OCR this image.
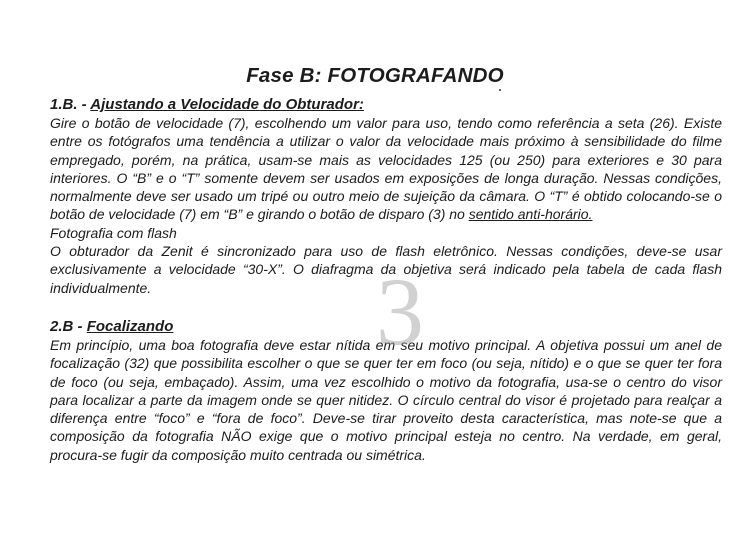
Fase B: FOTOGRAFANDO

1.B. - Ajustando a Velocidade do Obturador:

Gire o botão de velocidade (7), escolhendo um valor para uso, tendo como referência a seta (26). Existe entre os fotógrafos uma tendência a utilizar o valor da velocidade mais próximo à sensibilidade do filme empregado, porém, na prática, usam-se mais as velocidades 125 (ou 250) para exteriores e 30 para interiores. O “B” e o “T” somente devem ser usados em exposições de longa duração. Nessas condições, normalmente deve ser usado um tripé ou outro meio de sujeição da câmara. O “T” é obtido colocando-se o botão de velocidade (7) em “B” e girando o botão de disparo (3) no sentido anti-horário.

Fotografia com flash

O obturador da Zenit é sincronizado para uso de flash eletrônico. Nessas condições, deve-se usar exclusivamente a velocidade “30-X”. O diafragma da objetiva será indicado pela tabela de cada flash individualmente.

2.B - Focalizando

Em princípio, uma boa fotografia deve estar nítida em seu motivo principal. A objetiva possui um anel de focalização (32) que possibilita escolher o que se quer ter em foco (ou seja, nítido) e o que se quer ter fora de foco (ou seja, embaçado). Assim, uma vez escolhido o motivo da fotografia, usa-se o centro do visor para localizar a parte da imagem onde se quer nitidez. O círculo central do visor é projetado para realçar a diferença entre “foco” e “fora de foco”. Deve-se tirar proveito desta característica, mas note-se que a composição da fotografia NÃO exige que o motivo principal esteja no centro. Na verdade, em geral, procura-se fugir da composição muito centrada ou simétrica.

3
